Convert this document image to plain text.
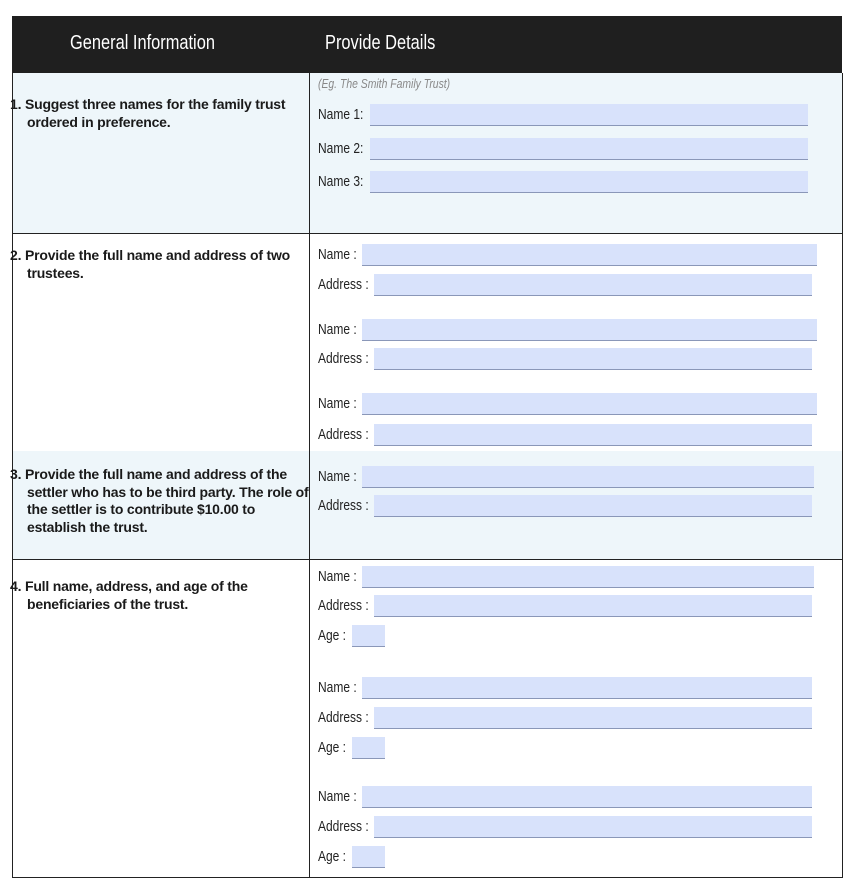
General Information	Provide Details
1. Suggest three names for the family trust ordered in preference.
2. Provide the full name and address of two trustees.
3. Provide the full name and address of the settler who has to be third party. The role of the settler is to contribute $10.00 to establish the trust.
4. Full name, address, and age of the beneficiaries of the trust.
(Eg. The Smith Family Trust)
Name 1:
Name 2:
Name 3:
Name :
Address :
Name :
Address :
Name :
Address :
Name :
Address :
Name :
Address :
Age :
Name :
Address :
Age :
Name :
Address :
Age :
